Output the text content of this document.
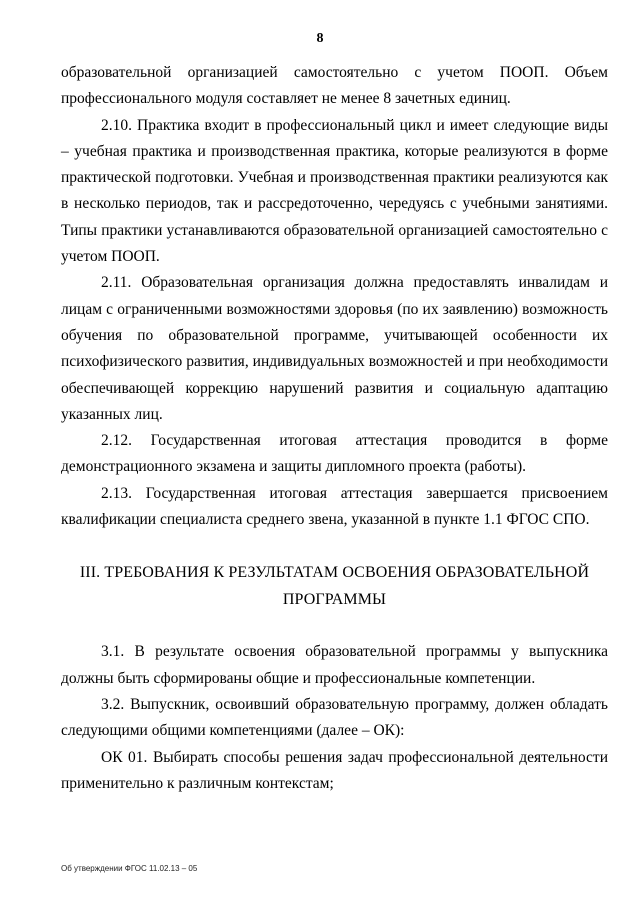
8

образовательной организацией самостоятельно с учетом ПООП. Объем профессионального модуля составляет не менее 8 зачетных единиц.

2.10. Практика входит в профессиональный цикл и имеет следующие виды – учебная практика и производственная практика, которые реализуются в форме практической подготовки. Учебная и производственная практики реализуются как в несколько периодов, так и рассредоточенно, чередуясь с учебными занятиями. Типы практики устанавливаются образовательной организацией самостоятельно с учетом ПООП.

2.11. Образовательная организация должна предоставлять инвалидам и лицам с ограниченными возможностями здоровья (по их заявлению) возможность обучения по образовательной программе, учитывающей особенности их психофизического развития, индивидуальных возможностей и при необходимости обеспечивающей коррекцию нарушений развития и социальную адаптацию указанных лиц.

2.12. Государственная итоговая аттестация проводится в форме демонстрационного экзамена и защиты дипломного проекта (работы).

2.13. Государственная итоговая аттестация завершается присвоением квалификации специалиста среднего звена, указанной в пункте 1.1 ФГОС СПО.

III. ТРЕБОВАНИЯ К РЕЗУЛЬТАТАМ ОСВОЕНИЯ ОБРАЗОВАТЕЛЬНОЙ
ПРОГРАММЫ

3.1. В результате освоения образовательной программы у выпускника должны быть сформированы общие и профессиональные компетенции.

3.2. Выпускник, освоивший образовательную программу, должен обладать следующими общими компетенциями (далее – ОК):

ОК 01. Выбирать способы решения задач профессиональной деятельности применительно к различным контекстам;

Об утверждении ФГОС 11.02.13 – 05
